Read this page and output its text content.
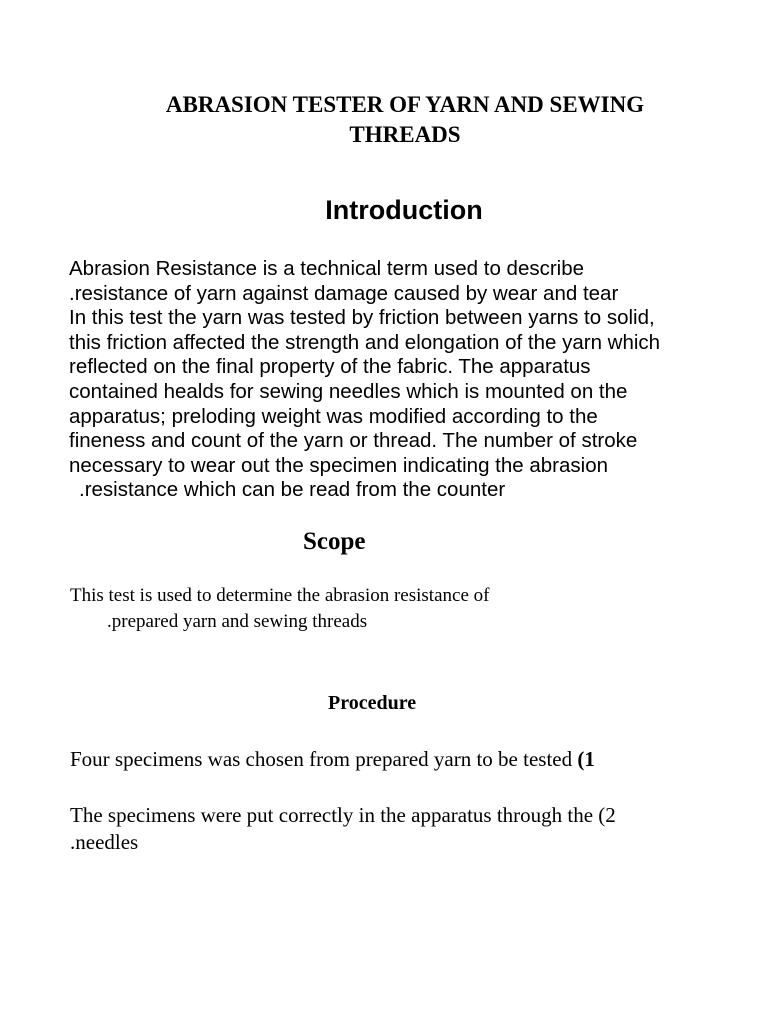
ABRASION TESTER OF YARN AND SEWING
THREADS
Introduction

Abrasion Resistance is a technical term used to describe
.resistance of yarn against damage caused by wear and tear
In this test the yarn was tested by friction between yarns to solid,
this friction affected the strength and elongation of the yarn which
reflected on the final property of the fabric. The apparatus
contained healds for sewing needles which is mounted on the
apparatus; preloding weight was modified according to the
fineness and count of the yarn or thread. The number of stroke
necessary to wear out the specimen indicating the abrasion
.resistance which can be read from the counter

Scope

This test is used to determine the abrasion resistance of
.prepared yarn and sewing threads

Procedure

Four specimens was chosen from prepared yarn to be tested (1

The specimens were put correctly in the apparatus through the (2
.needles
